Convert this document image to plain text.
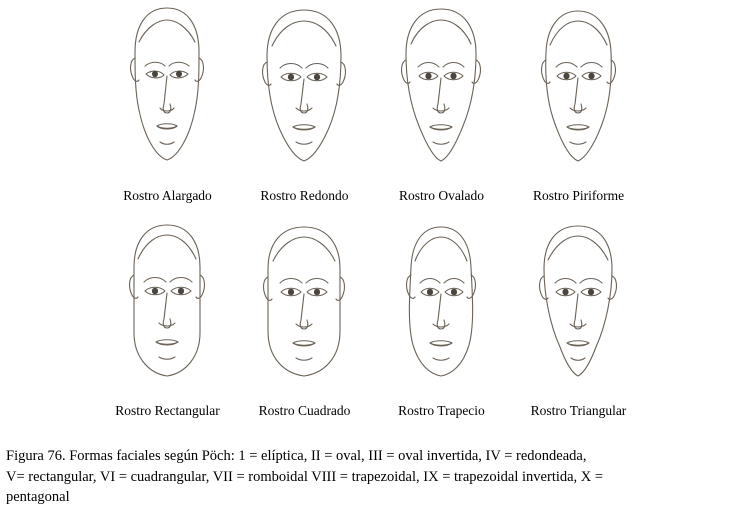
Rostro Alargado	Rostro Redondo	Rostro Ovalado	Rostro Piriforme
Rostro Rectangular	Rostro Cuadrado	Rostro Trapecio	Rostro Triangular
Figura 76. Formas faciales según Pöch: 1 = elíptica, II = oval, III = oval invertida, IV = redondeada,
V= rectangular, VI = cuadrangular, VII = romboidal VIII = trapezoidal, IX = trapezoidal invertida, X =
pentagonal
